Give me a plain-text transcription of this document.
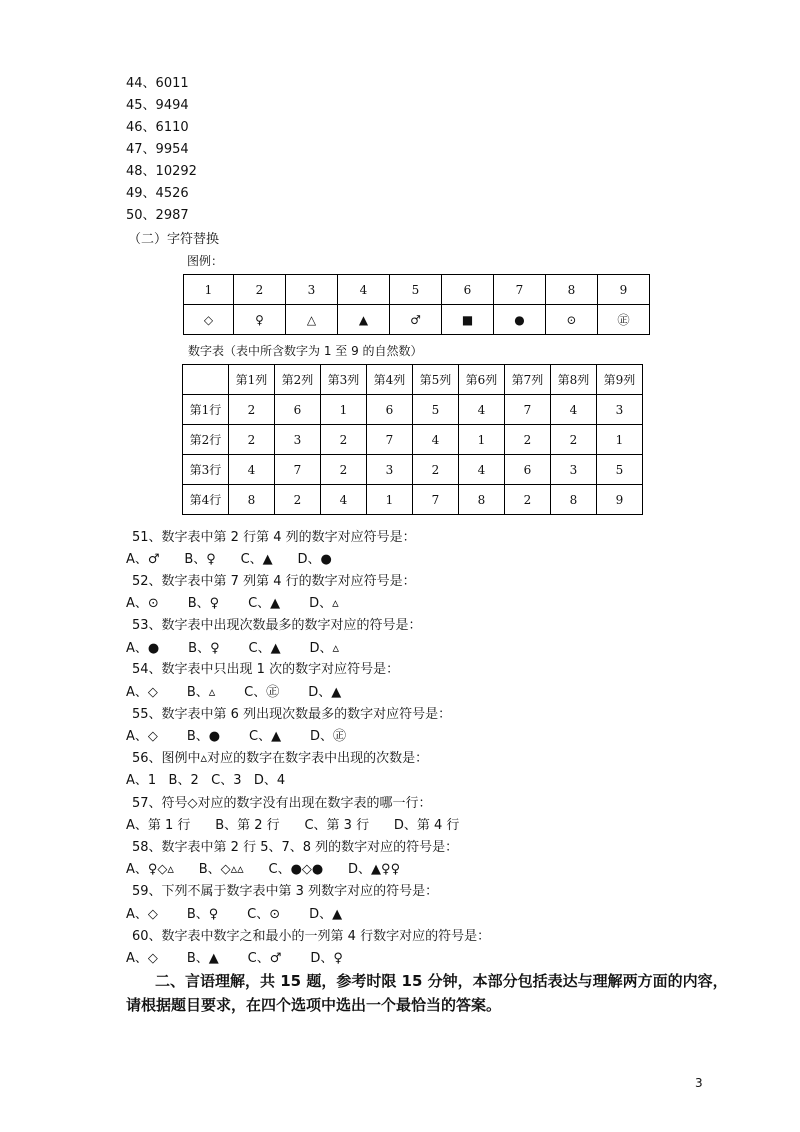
44、6011
45、9494
46、6110
47、9954
48、10292
49、4526
50、2987
（二）字符替换
图例：
1	2	3	4	5	6	7	8	9
◇	♀	△	▲	♂	■	●	⊙	㊣
数字表（表中所含数字为 1 至 9 的自然数）
	第1列	第2列	第3列	第4列	第5列	第6列	第7列	第8列	第9列
第1行	2	6	1	6	5	4	7	4	3
第2行	2	3	2	7	4	1	2	2	1
第3行	4	7	2	3	2	4	6	3	5
第4行	8	2	4	1	7	8	2	8	9
51、数字表中第 2 行第 4 列的数字对应符号是：
A、♂      B、♀      C、▲      D、●
52、数字表中第 7 列第 4 行的数字对应符号是：
A、⊙       B、♀       C、▲       D、▵
53、数字表中出现次数最多的数字对应的符号是：
A、●       B、♀       C、▲       D、▵
54、数字表中只出现 1 次的数字对应符号是：
A、◇       B、▵       C、㊣       D、▲
55、数字表中第 6 列出现次数最多的数字对应符号是：
A、◇       B、●       C、▲       D、㊣
56、图例中▵对应的数字在数字表中出现的次数是：
A、1   B、2   C、3   D、4
57、符号◇对应的数字没有出现在数字表的哪一行：
A、第 1 行      B、第 2 行      C、第 3 行      D、第 4 行
58、数字表中第 2 行 5、7、8 列的数字对应的符号是：
A、♀◇▵      B、◇▵▵      C、●◇●      D、▲♀♀
59、下列不属于数字表中第 3 列数字对应的符号是：
A、◇       B、♀       C、⊙       D、▲
60、数字表中数字之和最小的一列第 4 行数字对应的符号是：
A、◇       B、▲       C、♂       D、♀
二、言语理解，共 15 题，参考时限 15 分钟，本部分包括表达与理解两方面的内容，
请根据题目要求，在四个选项中选出一个最恰当的答案。
3
